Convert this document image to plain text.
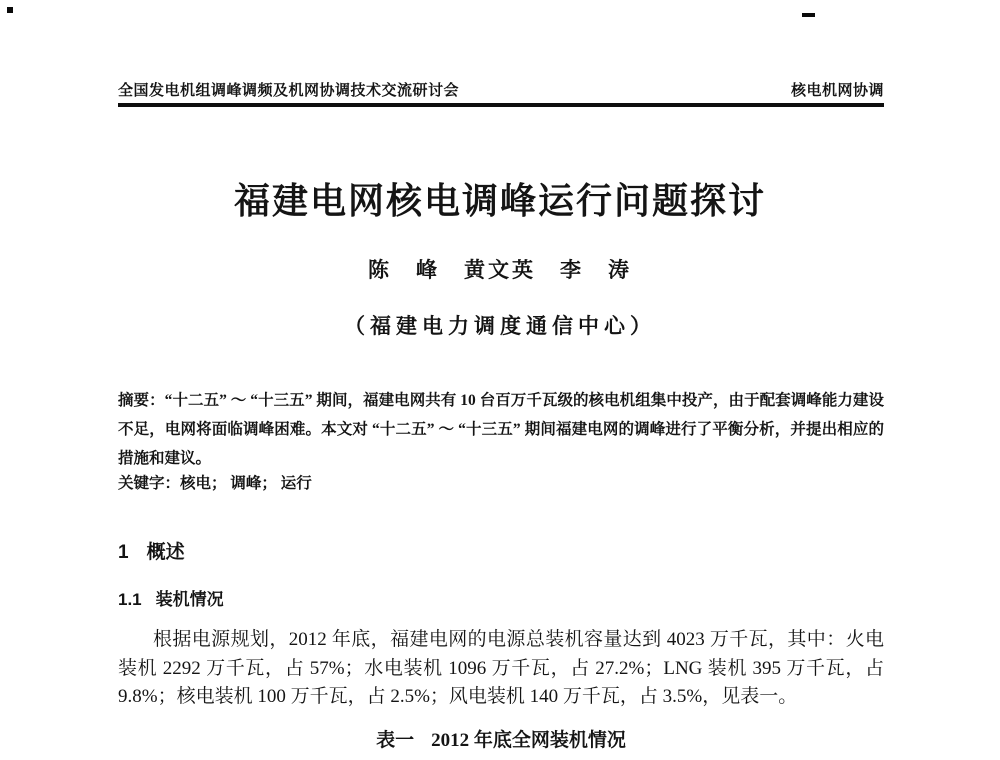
全国发电机组调峰调频及机网协调技术交流研讨会	核电机网协调
福建电网核电调峰运行问题探讨
陈　峰　黄文英　李　涛
（福建电力调度通信中心）

摘要：“十二五” ～ “十三五” 期间，福建电网共有 10 台百万千瓦级的核电机组集中投产，由于配套调峰能力建设不足，电网将面临调峰困难。本文对 “十二五” ～ “十三五” 期间福建电网的调峰进行了平衡分析，并提出相应的措施和建议。

关键字：核电； 调峰； 运行

1 概述
1.1 装机情况

根据电源规划，2012 年底，福建电网的电源总装机容量达到 4023 万千瓦，其中：火电装机 2292 万千瓦，占 57%；水电装机 1096 万千瓦，占 27.2%；LNG 装机 395 万千瓦，占 9.8%；核电装机 100 万千瓦，占 2.5%；风电装机 140 万千瓦，占 3.5%，见表一。

表一 2012 年底全网装机情况
